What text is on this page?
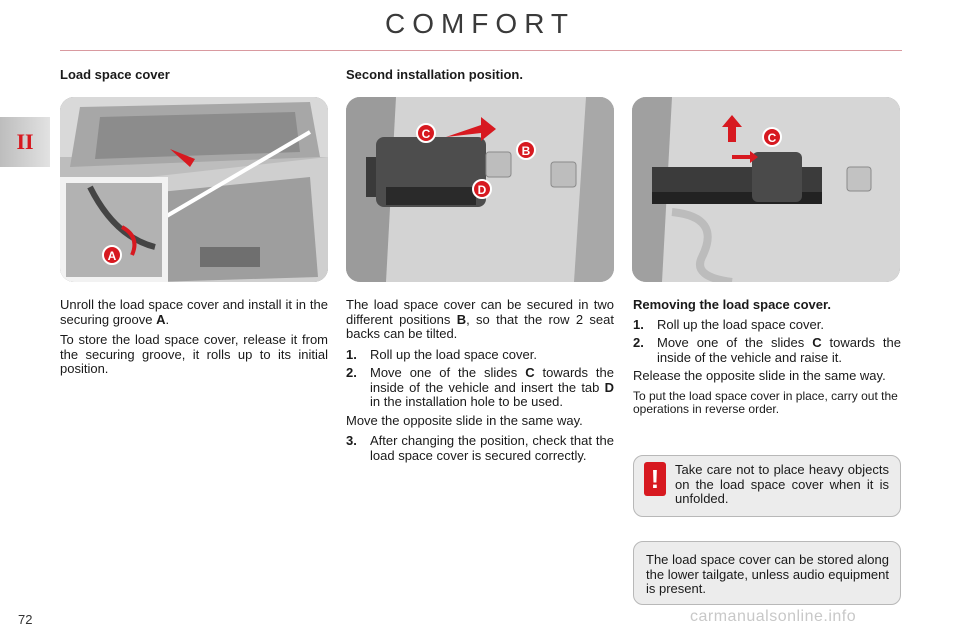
COMFORT
II
Load space cover
A

Unroll the load space cover and install it in the securing groove A.

To store the load space cover, release it from the securing groove, it rolls up to its initial position.

Second installation position.
C
B
D

The load space cover can be secured in two different positions B, so that the row 2 seat backs can be tilted.

1.	Roll up the load space cover.
2.	Move one of the slides C towards the inside of the vehicle and insert the tab D in the installation hole to be used.

Move the opposite slide in the same way.

3.	After changing the position, check that the load space cover is secured correctly.
C

Removing the load space cover.

1.	Roll up the load space cover.
2.	Move one of the slides C towards the inside of the vehicle and raise it.

Release the opposite slide in the same way.

To put the load space cover in place, carry out the operations in reverse order.

!	Take care not to place heavy objects on the load space cover when it is unfolded.
The load space cover can be stored along the lower tailgate, unless audio equipment is present.
72	carmanualsonline.info
